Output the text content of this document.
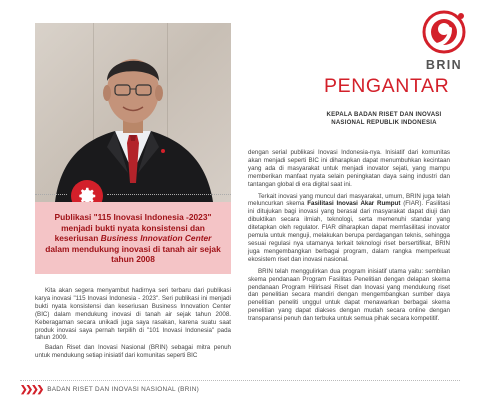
Publikasi "115 Inovasi Indonesia -2023" menjadi bukti nyata konsistensi dan keseriusan Business Innovation Center dalam mendukung inovasi di tanah air sejak tahun 2008

Kita akan segera menyambut hadirnya seri terbaru dari publikasi karya inovasi "115 Inovasi Indonesia - 2023". Seri publikasi ini menjadi bukti nyata konsistensi dan keseriusan Business Innovation Center (BIC) dalam mendukung inovasi di tanah air sejak tahun 2008. Keberagaman secara unikadi juga saya rasakan, karena suatu saat produk inovasi saya pernah terpilih di "101 Inovasi Indonesia" pada tahun 2009.

Badan Riset dan Inovasi Nasional (BRIN) sebagai mitra penuh untuk mendukung setiap inisiatif dari komunitas seperti BIC

BRIN
PENGANTAR
KEPALA BADAN RISET DAN INOVASI NASIONAL REPUBLIK INDONESIA

dengan serial publikasi Inovasi Indonesia-nya. Inisiatif dari komunitas akan menjadi seperti BIC ini diharapkan dapat menumbuhkan kecintaan yang ada di masyarakat untuk menjadi inovator sejati, yang mampu memberikan manfaat nyata selain peningkatan daya saing industri dan tantangan global di era digital saat ini.

Terkait inovasi yang muncul dari masyarakat, umum, BRIN juga telah meluncurkan skema Fasilitasi Inovasi Akar Rumput (FIAR). Fasilitasi ini ditujukan bagi inovasi yang berasal dari masyarakat dapat diuji dan dibuktikan secara ilmiah, teknologi, serta memenuhi standar yang ditetapkan oleh regulator. FIAR diharapkan dapat memfasilitasi inovator pemula untuk menguji, melakukan berupa perdagangan teknis, sehingga sesuai regulasi nya utamanya terkait teknologi riset bersertifikat, BRIN juga mengembangkan berbagai program, dalam rangka memperkuat ekosistem riset dan inovasi nasional.

BRIN telah menggulirkan dua program inisiatif utama yaitu: sembilan skema pendanaan Program Fasilitas Penelitian dengan delapan skema pendanaan Program Hilirisasi Riset dan Inovasi yang mendukung riset dan penelitian secara mandiri dengan mengembangkan sumber daya penelitian peneliti unggul untuk dapat menawarkan berbagai skema penelitian yang dapat diakses dengan mudah secara online dengan transparansi penuh dan terbuka untuk semua pihak secara kompetitif.

❯ ❯ ❯ ❯ BADAN RISET DAN INOVASI NASIONAL (BRIN)
